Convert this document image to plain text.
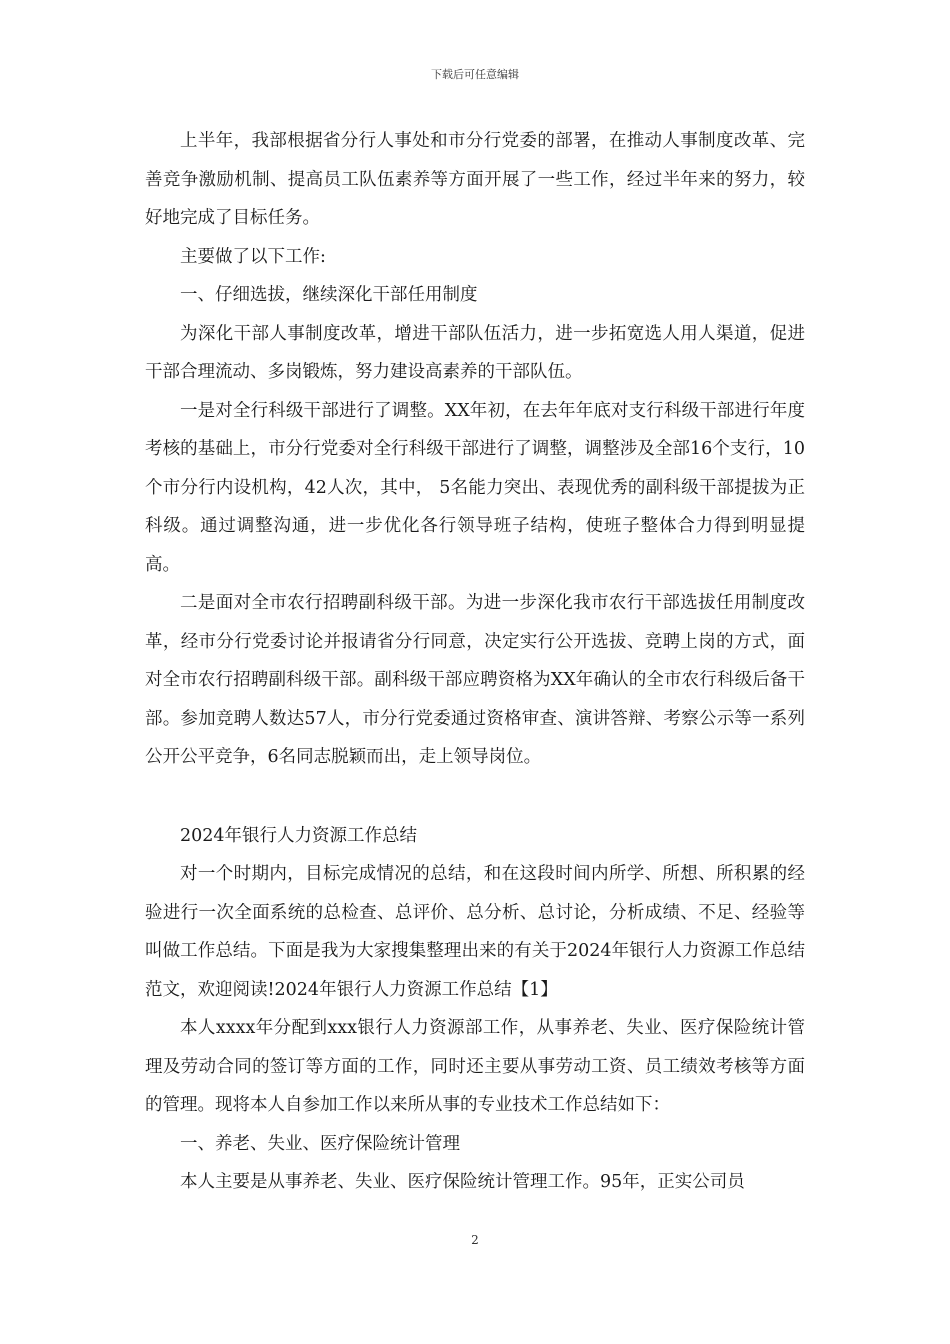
下载后可任意编辑

上半年，我部根据省分行人事处和市分行党委的部署，在推动人事制度改革、完善竞争激励机制、提高员工队伍素养等方面开展了一些工作，经过半年来的努力，较好地完成了目标任务。

主要做了以下工作:

一、仔细选拔，继续深化干部任用制度

为深化干部人事制度改革，增进干部队伍活力，进一步拓宽选人用人渠道，促进干部合理流动、多岗锻炼，努力建设高素养的干部队伍。

一是对全行科级干部进行了调整。XX年初，在去年年底对支行科级干部进行年度考核的基础上，市分行党委对全行科级干部进行了调整，调整涉及全部16个支行，10个市分行内设机构，42人次，其中， 5名能力突出、表现优秀的副科级干部提拔为正科级。通过调整沟通，进一步优化各行领导班子结构，使班子整体合力得到明显提高。

二是面对全市农行招聘副科级干部。为进一步深化我市农行干部选拔任用制度改革，经市分行党委讨论并报请省分行同意，决定实行公开选拔、竞聘上岗的方式，面对全市农行招聘副科级干部。副科级干部应聘资格为XX年确认的全市农行科级后备干部。参加竞聘人数达57人，市分行党委通过资格审查、演讲答辩、考察公示等一系列公开公平竞争，6名同志脱颖而出，走上领导岗位。

2024年银行人力资源工作总结

对一个时期内，目标完成情况的总结，和在这段时间内所学、所想、所积累的经验进行一次全面系统的总检查、总评价、总分析、总讨论，分析成绩、不足、经验等叫做工作总结。下面是我为大家搜集整理出来的有关于2024年银行人力资源工作总结范文，欢迎阅读!2024年银行人力资源工作总结【1】

本人xxxx年分配到xxx银行人力资源部工作，从事养老、失业、医疗保险统计管理及劳动合同的签订等方面的工作，同时还主要从事劳动工资、员工绩效考核等方面的管理。现将本人自参加工作以来所从事的专业技术工作总结如下：

一、养老、失业、医疗保险统计管理

本人主要是从事养老、失业、医疗保险统计管理工作。95年，正实公司员

2
